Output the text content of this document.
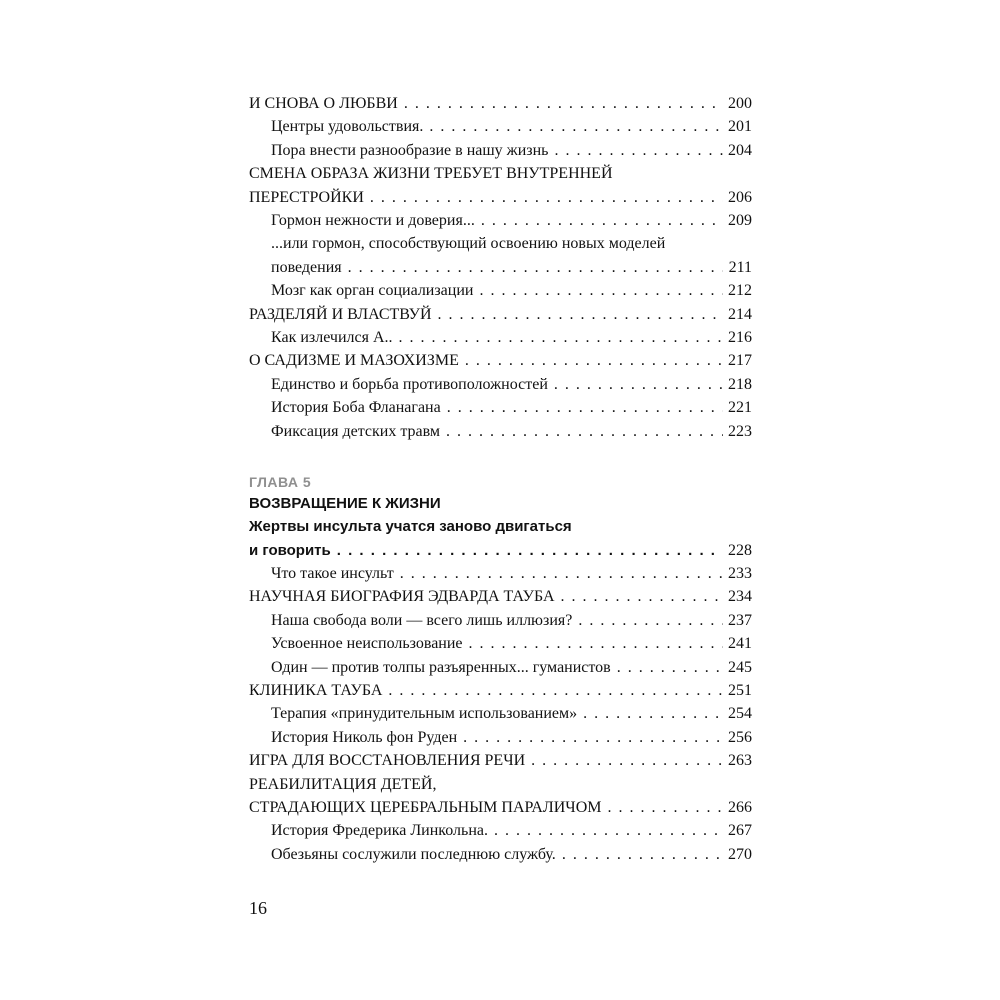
И СНОВА О ЛЮБВИ . . .	200
Центры удовольствия. . . .	201
Пора внести разнообразие в нашу жизнь . . .	204
СМЕНА ОБРАЗА ЖИЗНИ ТРЕБУЕТ ВНУТРЕННЕЙ
ПЕРЕСТРОЙКИ . . .	206
Гормон нежности и доверия... . . .	209
...или гормон, способствующий освоению новых моделей
поведения . . .	211
Мозг как орган социализации . . .	212
РАЗДЕЛЯЙ И ВЛАСТВУЙ . . .	214
Как излечился А.. . . .	216
О САДИЗМЕ И МАЗОХИЗМЕ . . .	217
Единство и борьба противоположностей . . .	218
История Боба Фланагана . . .	221
Фиксация детских травм . . .	223
ГЛАВА 5
ВОЗВРАЩЕНИЕ К ЖИЗНИ
Жертвы инсульта учатся заново двигаться
и говорить . . .	228
Что такое инсульт . . .	233
НАУЧНАЯ БИОГРАФИЯ ЭДВАРДА ТАУБА . . .	234
Наша свобода воли — всего лишь иллюзия? . . .	237
Усвоенное неиспользование . . .	241
Один — против толпы разъяренных... гуманистов . . .	245
КЛИНИКА ТАУБА . . .	251
Терапия «принудительным использованием» . . .	254
История Николь фон Руден . . .	256
ИГРА ДЛЯ ВОССТАНОВЛЕНИЯ РЕЧИ . . .	263
РЕАБИЛИТАЦИЯ ДЕТЕЙ,
СТРАДАЮЩИХ ЦЕРЕБРАЛЬНЫМ ПАРАЛИЧОМ . . .	266
История Фредерика Линкольна. . . .	267
Обезьяны сослужили последнюю службу. . . .	270
16
